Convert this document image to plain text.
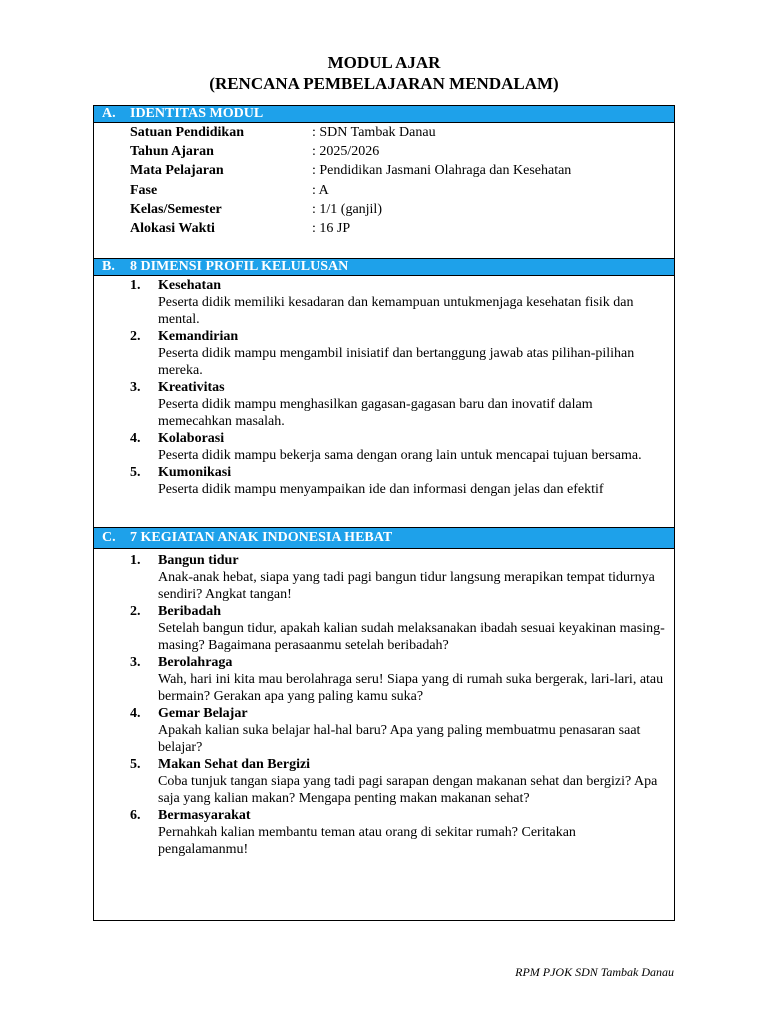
MODUL AJAR
(RENCANA PEMBELAJARAN MENDALAM)
A. IDENTITAS MODUL
Satuan Pendidikan	: SDN Tambak Danau
Tahun Ajaran	: 2025/2026
Mata Pelajaran	: Pendidikan Jasmani Olahraga dan Kesehatan
Fase	: A
Kelas/Semester	: 1/1 (ganjil)
Alokasi Wakti	: 16 JP
B. 8 DIMENSI PROFIL KELULUSAN
1. Kesehatan
Peserta didik memiliki kesadaran dan kemampuan untukmenjaga kesehatan fisik dan mental.
2. Kemandirian
Peserta didik mampu mengambil inisiatif dan bertanggung jawab atas pilihan-pilihan mereka.
3. Kreativitas
Peserta didik mampu menghasilkan gagasan-gagasan baru dan inovatif dalam memecahkan masalah.
4. Kolaborasi
Peserta didik mampu bekerja sama dengan orang lain untuk mencapai tujuan bersama.
5. Kumonikasi
Peserta didik mampu menyampaikan ide dan informasi dengan jelas dan efektif
C. 7 KEGIATAN ANAK INDONESIA HEBAT
1. Bangun tidur
Anak-anak hebat, siapa yang tadi pagi bangun tidur langsung merapikan tempat tidurnya sendiri? Angkat tangan!
2. Beribadah
Setelah bangun tidur, apakah kalian sudah melaksanakan ibadah sesuai keyakinan masing-masing? Bagaimana perasaanmu setelah beribadah?
3. Berolahraga
Wah, hari ini kita mau berolahraga seru! Siapa yang di rumah suka bergerak, lari-lari, atau bermain? Gerakan apa yang paling kamu suka?
4. Gemar Belajar
Apakah kalian suka belajar hal-hal baru? Apa yang paling membuatmu penasaran saat belajar?
5. Makan Sehat dan Bergizi
Coba tunjuk tangan siapa yang tadi pagi sarapan dengan makanan sehat dan bergizi? Apa saja yang kalian makan? Mengapa penting makan makanan sehat?
6. Bermasyarakat
Pernahkah kalian membantu teman atau orang di sekitar rumah? Ceritakan pengalamanmu!
RPM PJOK SDN Tambak Danau
